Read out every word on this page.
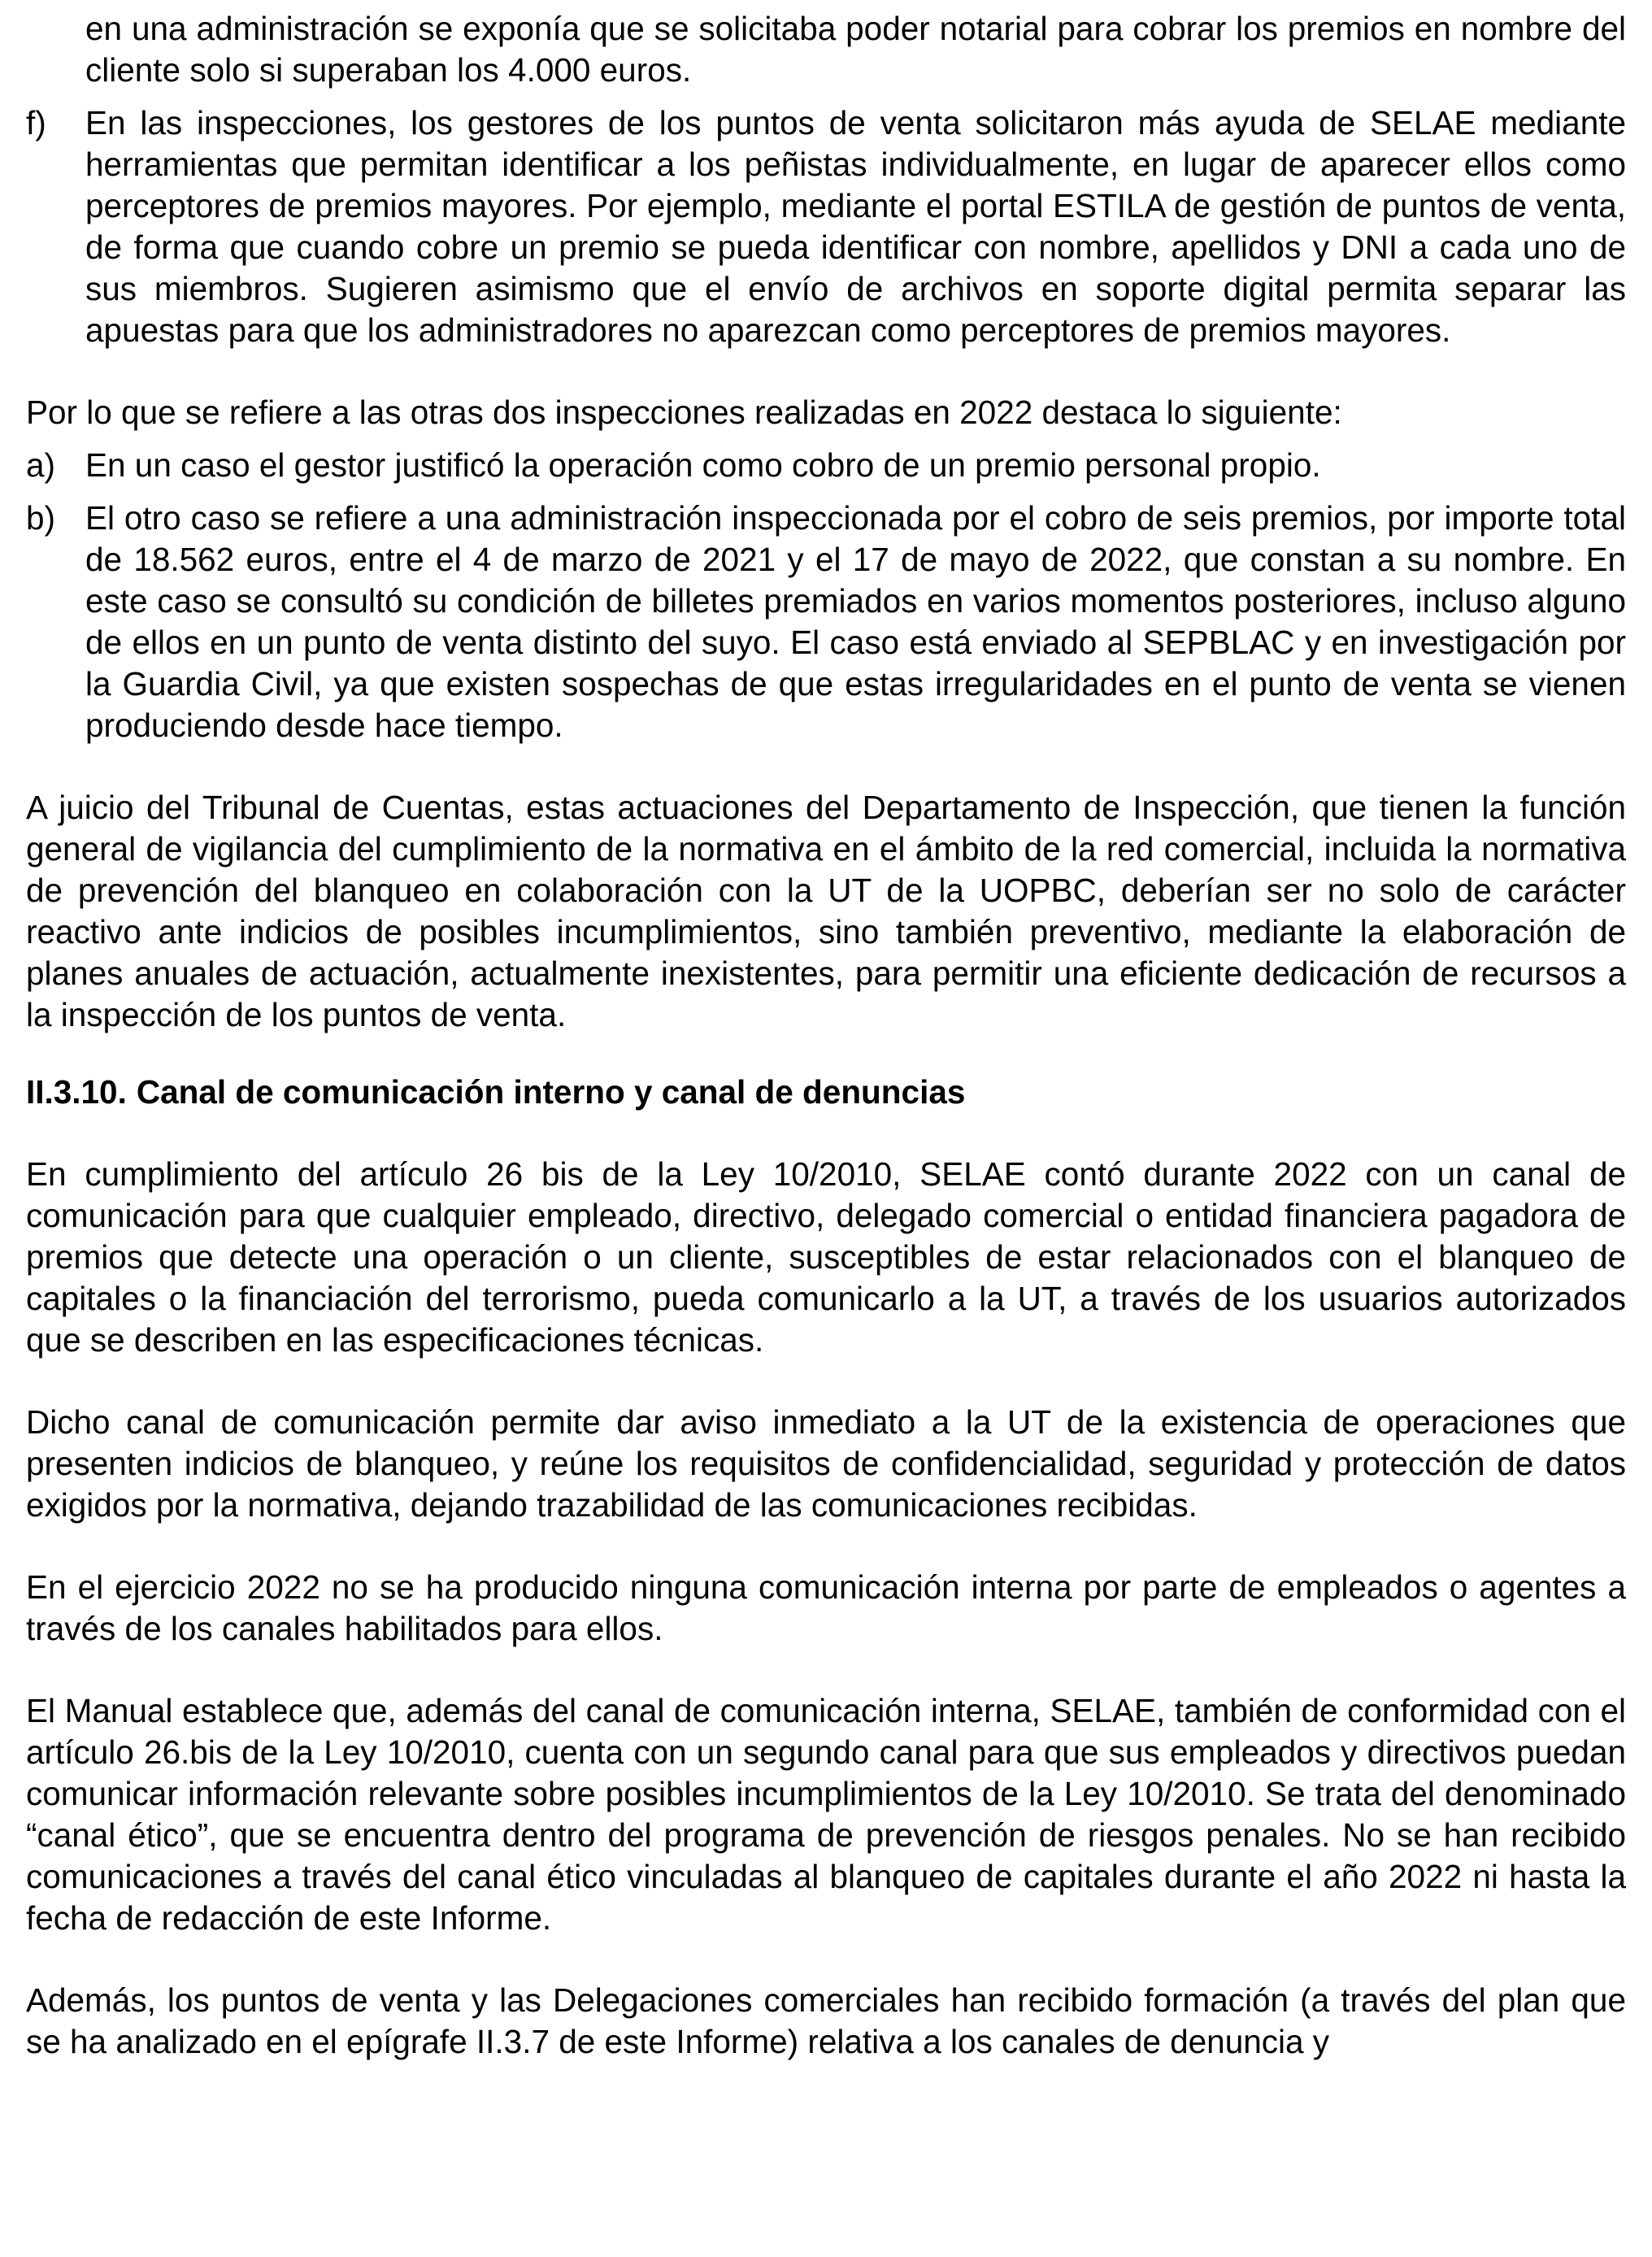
en una administración se exponía que se solicitaba poder notarial para cobrar los premios en nombre del cliente solo si superaban los 4.000 euros.
f) En las inspecciones, los gestores de los puntos de venta solicitaron más ayuda de SELAE mediante herramientas que permitan identificar a los peñistas individualmente, en lugar de aparecer ellos como perceptores de premios mayores. Por ejemplo, mediante el portal ESTILA de gestión de puntos de venta, de forma que cuando cobre un premio se pueda identificar con nombre, apellidos y DNI a cada uno de sus miembros. Sugieren asimismo que el envío de archivos en soporte digital permita separar las apuestas para que los administradores no aparezcan como perceptores de premios mayores.

Por lo que se refiere a las otras dos inspecciones realizadas en 2022 destaca lo siguiente:

a) En un caso el gestor justificó la operación como cobro de un premio personal propio.
b) El otro caso se refiere a una administración inspeccionada por el cobro de seis premios, por importe total de 18.562 euros, entre el 4 de marzo de 2021 y el 17 de mayo de 2022, que constan a su nombre. En este caso se consultó su condición de billetes premiados en varios momentos posteriores, incluso alguno de ellos en un punto de venta distinto del suyo. El caso está enviado al SEPBLAC y en investigación por la Guardia Civil, ya que existen sospechas de que estas irregularidades en el punto de venta se vienen produciendo desde hace tiempo.

A juicio del Tribunal de Cuentas, estas actuaciones del Departamento de Inspección, que tienen la función general de vigilancia del cumplimiento de la normativa en el ámbito de la red comercial, incluida la normativa de prevención del blanqueo en colaboración con la UT de la UOPBC, deberían ser no solo de carácter reactivo ante indicios de posibles incumplimientos, sino también preventivo, mediante la elaboración de planes anuales de actuación, actualmente inexistentes, para permitir una eficiente dedicación de recursos a la inspección de los puntos de venta.

II.3.10. Canal de comunicación interno y canal de denuncias

En cumplimiento del artículo 26 bis de la Ley 10/2010, SELAE contó durante 2022 con un canal de comunicación para que cualquier empleado, directivo, delegado comercial o entidad financiera pagadora de premios que detecte una operación o un cliente, susceptibles de estar relacionados con el blanqueo de capitales o la financiación del terrorismo, pueda comunicarlo a la UT, a través de los usuarios autorizados que se describen en las especificaciones técnicas.

Dicho canal de comunicación permite dar aviso inmediato a la UT de la existencia de operaciones que presenten indicios de blanqueo, y reúne los requisitos de confidencialidad, seguridad y protección de datos exigidos por la normativa, dejando trazabilidad de las comunicaciones recibidas.

En el ejercicio 2022 no se ha producido ninguna comunicación interna por parte de empleados o agentes a través de los canales habilitados para ellos.

El Manual establece que, además del canal de comunicación interna, SELAE, también de conformidad con el artículo 26.bis de la Ley 10/2010, cuenta con un segundo canal para que sus empleados y directivos puedan comunicar información relevante sobre posibles incumplimientos de la Ley 10/2010. Se trata del denominado “canal ético”, que se encuentra dentro del programa de prevención de riesgos penales. No se han recibido comunicaciones a través del canal ético vinculadas al blanqueo de capitales durante el año 2022 ni hasta la fecha de redacción de este Informe.

Además, los puntos de venta y las Delegaciones comerciales han recibido formación (a través del plan que se ha analizado en el epígrafe II.3.7 de este Informe) relativa a los canales de denuncia y
